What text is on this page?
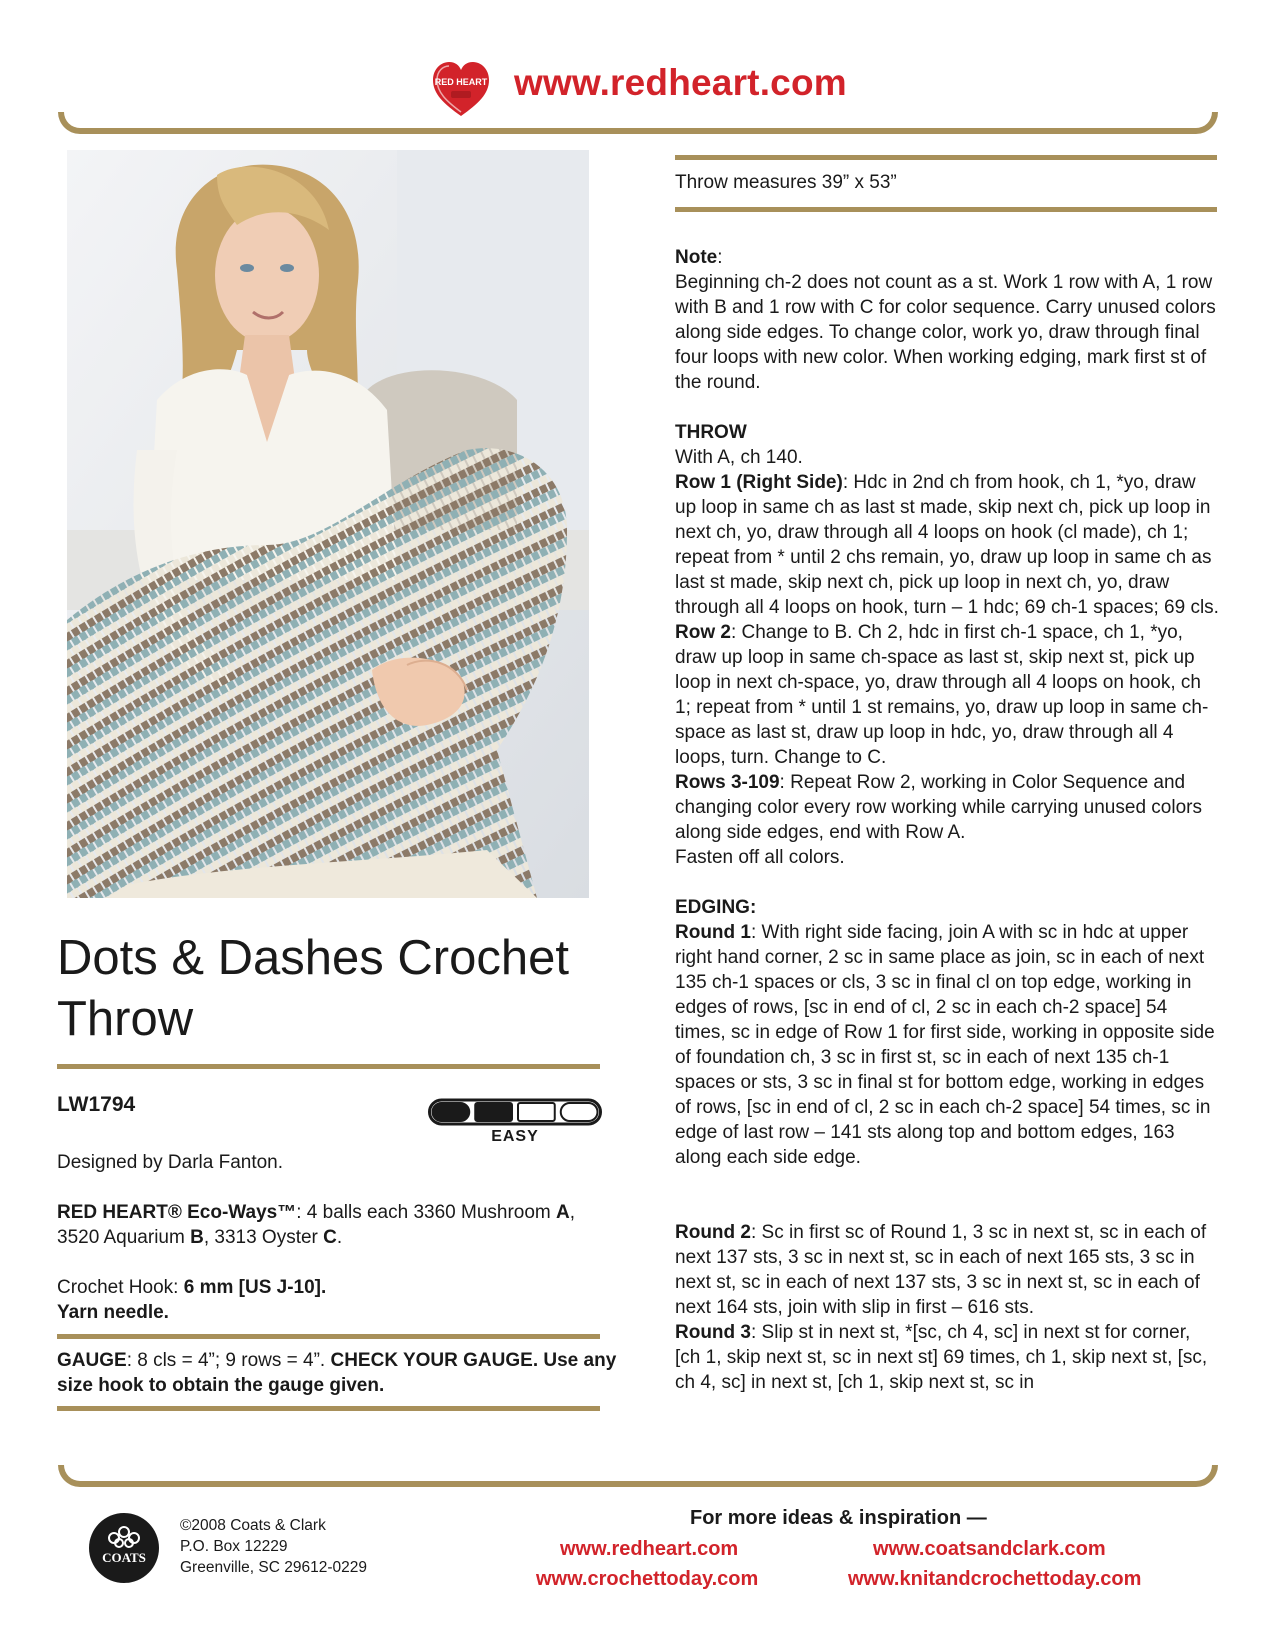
RED HEART www.redheart.com
Dots & Dashes Crochet Throw
LW1794
EASY
Designed by Darla Fanton.
RED HEART® Eco-Ways™: 4 balls each 3360 Mushroom A, 3520 Aquarium B, 3313 Oyster C.
Crochet Hook: 6 mm [US J-10].
Yarn needle.
GAUGE: 8 cls = 4”; 9 rows = 4”. CHECK YOUR GAUGE. Use any size hook to obtain the gauge given.
Throw measures 39” x 53”

Note:

Beginning ch-2 does not count as a st. Work 1 row with A, 1 row with B and 1 row with C for color sequence. Carry unused colors along side edges. To change color, work yo, draw through final four loops with new color. When working edging, mark first st of the round.

THROW

With A, ch 140.

Row 1 (Right Side): Hdc in 2nd ch from hook, ch 1, *yo, draw up loop in same ch as last st made, skip next ch, pick up loop in next ch, yo, draw through all 4 loops on hook (cl made), ch 1; repeat from * until 2 chs remain, yo, draw up loop in same ch as last st made, skip next ch, pick up loop in next ch, yo, draw through all 4 loops on hook, turn – 1 hdc; 69 ch-1 spaces; 69 cls.

Row 2: Change to B. Ch 2, hdc in first ch-1 space, ch 1, *yo, draw up loop in same ch-space as last st, skip next st, pick up loop in next ch-space, yo, draw through all 4 loops on hook, ch 1; repeat from * until 1 st remains, yo, draw up loop in same ch-space as last st, draw up loop in hdc, yo, draw through all 4 loops, turn. Change to C.

Rows 3-109: Repeat Row 2, working in Color Sequence and changing color every row working while carrying unused colors along side edges, end with Row A.

Fasten off all colors.

EDGING:

Round 1: With right side facing, join A with sc in hdc at upper right hand corner, 2 sc in same place as join, sc in each of next 135 ch-1 spaces or cls, 3 sc in final cl on top edge, working in edges of rows, [sc in end of cl, 2 sc in each ch-2 space] 54 times, sc in edge of Row 1 for first side, working in opposite side of foundation ch, 3 sc in first st, sc in each of next 135 ch-1 spaces or sts, 3 sc in final st for bottom edge, working in edges of rows, [sc in end of cl, 2 sc in each ch-2 space] 54 times, sc in edge of last row – 141 sts along top and bottom edges, 163 along each side edge.

Round 2: Sc in first sc of Round 1, 3 sc in next st, sc in each of next 137 sts, 3 sc in next st, sc in each of next 165 sts, 3 sc in next st, sc in each of next 137 sts, 3 sc in next st, sc in each of next 164 sts, join with slip in first – 616 sts.

Round 3: Slip st in next st, *[sc, ch 4, sc] in next st for corner, [ch 1, skip next st, sc in next st] 69 times, ch 1, skip next st, [sc, ch 4, sc] in next st, [ch 1, skip next st, sc in

COATS
©2008 Coats & Clark
P.O. Box 12229
Greenville, SC 29612-0229
For more ideas & inspiration —
www.redheart.com	www.coatsandclark.com
www.crochettoday.com	www.knitandcrochettoday.com
